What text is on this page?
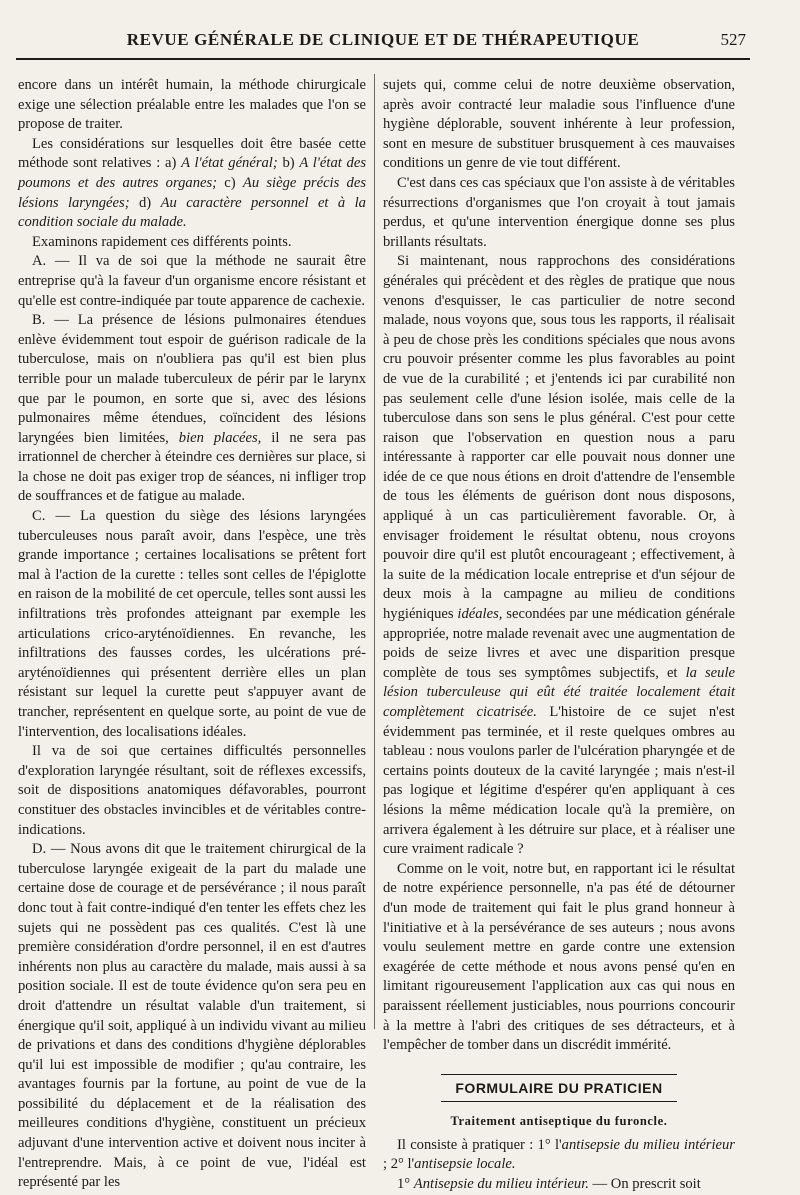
REVUE GÉNÉRALE DE CLINIQUE ET DE THÉRAPEUTIQUE	527

encore dans un intérêt humain, la méthode chirurgicale exige une sélection préalable entre les malades que l'on se propose de traiter.

Les considérations sur lesquelles doit être basée cette méthode sont relatives : a) A l'état général; b) A l'état des poumons et des autres organes; c) Au siège précis des lésions laryngées; d) Au caractère personnel et à la condition sociale du malade.

Examinons rapidement ces différents points.

A. — Il va de soi que la méthode ne saurait être entreprise qu'à la faveur d'un organisme encore résistant et qu'elle est contre-indiquée par toute apparence de cachexie.

B. — La présence de lésions pulmonaires étendues enlève évidemment tout espoir de guérison radicale de la tuberculose, mais on n'oubliera pas qu'il est bien plus terrible pour un malade tuberculeux de périr par le larynx que par le poumon, en sorte que si, avec des lésions pulmonaires même étendues, coïncident des lésions laryngées bien limitées, bien placées, il ne sera pas irrationnel de chercher à éteindre ces dernières sur place, si la chose ne doit pas exiger trop de séances, ni infliger trop de souffrances et de fatigue au malade.

C. — La question du siège des lésions laryngées tuberculeuses nous paraît avoir, dans l'espèce, une très grande importance ; certaines localisations se prêtent fort mal à l'action de la curette : telles sont celles de l'épiglotte en raison de la mobilité de cet opercule, telles sont aussi les infiltrations très profondes atteignant par exemple les articulations crico-aryténoïdiennes. En revanche, les infiltrations des fausses cordes, les ulcérations pré-aryténoïdiennes qui présentent derrière elles un plan résistant sur lequel la curette peut s'appuyer avant de trancher, représentent en quelque sorte, au point de vue de l'intervention, des localisations idéales.

Il va de soi que certaines difficultés personnelles d'exploration laryngée résultant, soit de réflexes excessifs, soit de dispositions anatomiques défavorables, pourront constituer des obstacles invincibles et de véritables contre-indications.

D. — Nous avons dit que le traitement chirurgical de la tuberculose laryngée exigeait de la part du malade une certaine dose de courage et de persévérance ; il nous paraît donc tout à fait contre-indiqué d'en tenter les effets chez les sujets qui ne possèdent pas ces qualités. C'est là une première considération d'ordre personnel, il en est d'autres inhérents non plus au caractère du malade, mais aussi à sa position sociale. Il est de toute évidence qu'on sera peu en droit d'attendre un résultat valable d'un traitement, si énergique qu'il soit, appliqué à un individu vivant au milieu de privations et dans des conditions d'hygiène déplorables qu'il lui est impossible de modifier ; qu'au contraire, les avantages fournis par la fortune, au point de vue de la possibilité du déplacement et de la réalisation des meilleures conditions d'hygiène, constituent un précieux adjuvant d'une intervention active et doivent nous inciter à l'entreprendre. Mais, à ce point de vue, l'idéal est représenté par les

sujets qui, comme celui de notre deuxième observation, après avoir contracté leur maladie sous l'influence d'une hygiène déplorable, souvent inhérente à leur profession, sont en mesure de substituer brusquement à ces mauvaises conditions un genre de vie tout différent.

C'est dans ces cas spéciaux que l'on assiste à de véritables résurrections d'organismes que l'on croyait à tout jamais perdus, et qu'une intervention énergique donne ses plus brillants résultats.

Si maintenant, nous rapprochons des considérations générales qui précèdent et des règles de pratique que nous venons d'esquisser, le cas particulier de notre second malade, nous voyons que, sous tous les rapports, il réalisait à peu de chose près les conditions spéciales que nous avons cru pouvoir présenter comme les plus favorables au point de vue de la curabilité ; et j'entends ici par curabilité non pas seulement celle d'une lésion isolée, mais celle de la tuberculose dans son sens le plus général. C'est pour cette raison que l'observation en question nous a paru intéressante à rapporter car elle pouvait nous donner une idée de ce que nous étions en droit d'attendre de l'ensemble de tous les éléments de guérison dont nous disposons, appliqué à un cas particulièrement favorable. Or, à envisager froidement le résultat obtenu, nous croyons pouvoir dire qu'il est plutôt encourageant ; effectivement, à la suite de la médication locale entreprise et d'un séjour de deux mois à la campagne au milieu de conditions hygiéniques idéales, secondées par une médication générale appropriée, notre malade revenait avec une augmentation de poids de seize livres et avec une disparition presque complète de tous ses symptômes subjectifs, et la seule lésion tuberculeuse qui eût été traitée localement était complètement cicatrisée. L'histoire de ce sujet n'est évidemment pas terminée, et il reste quelques ombres au tableau : nous voulons parler de l'ulcération pharyngée et de certains points douteux de la cavité laryngée ; mais n'est-il pas logique et légitime d'espérer qu'en appliquant à ces lésions la même médication locale qu'à la première, on arrivera également à les détruire sur place, et à réaliser une cure vraiment radicale ?

Comme on le voit, notre but, en rapportant ici le résultat de notre expérience personnelle, n'a pas été de détourner d'un mode de traitement qui fait le plus grand honneur à l'initiative et à la persévérance de ses auteurs ; nous avons voulu seulement mettre en garde contre une extension exagérée de cette méthode et nous avons pensé qu'en en limitant rigoureusement l'application aux cas qui nous en paraissent réellement justiciables, nous pourrions concourir à la mettre à l'abri des critiques de ses détracteurs, et à l'empêcher de tomber dans un discrédit immérité.

FORMULAIRE DU PRATICIEN
Traitement antiseptique du furoncle.

Il consiste à pratiquer : 1° l'antisepsie du milieu intérieur ; 2° l'antisepsie locale.

1° Antisepsie du milieu intérieur. — On prescrit soit
